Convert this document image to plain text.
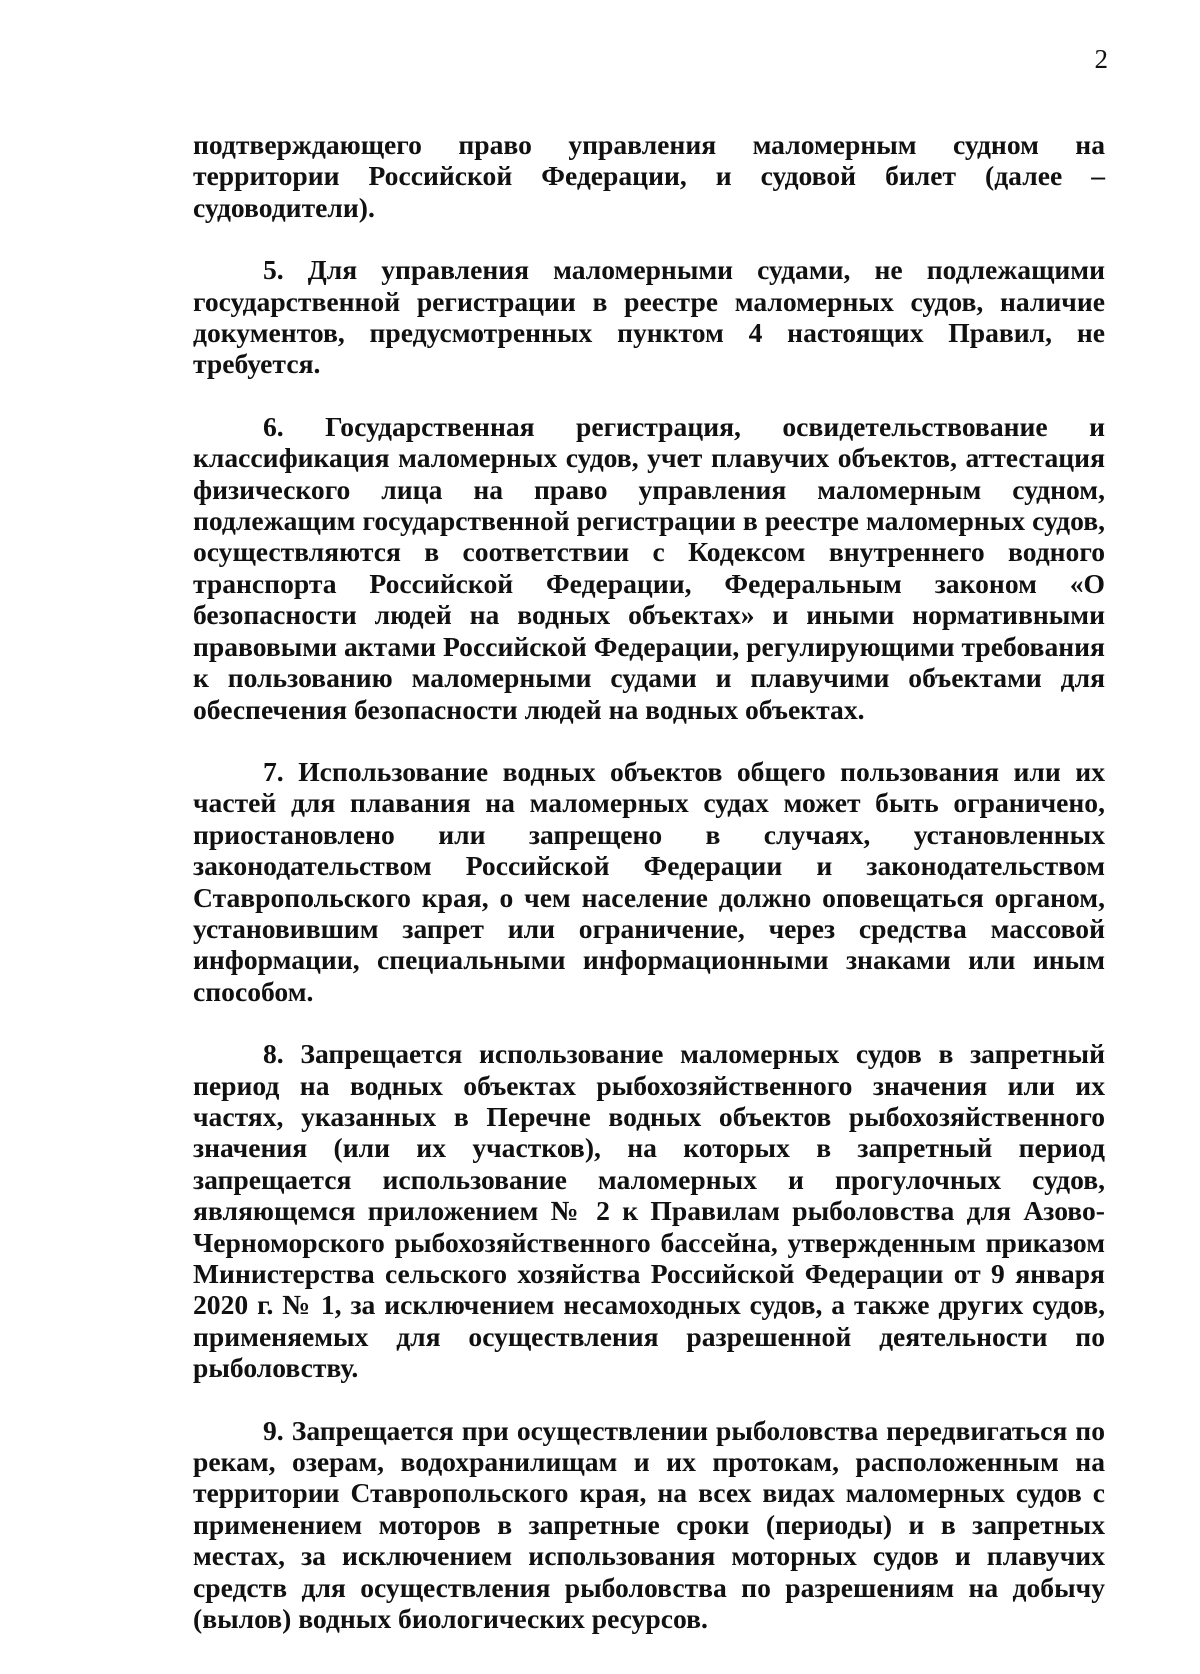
2

подтверждающего право управления маломерным судном на территории Российской Федерации, и судовой билет (далее – судоводители).

5. Для управления маломерными судами, не подлежащими государственной регистрации в реестре маломерных судов, наличие документов, предусмотренных пунктом 4 настоящих Правил, не требуется.

6. Государственная регистрация, освидетельствование и классификация маломерных судов, учет плавучих объектов, аттестация физического лица на право управления маломерным судном, подлежащим государственной регистрации в реестре маломерных судов, осуществляются в соответствии с Кодексом внутреннего водного транспорта Российской Федерации, Федеральным законом «О безопасности людей на водных объектах» и иными нормативными правовыми актами Российской Федерации, регулирующими требования к пользованию маломерными судами и плавучими объектами для обеспечения безопасности людей на водных объектах.

7. Использование водных объектов общего пользования или их частей для плавания на маломерных судах может быть ограничено, приостановлено или запрещено в случаях, установленных законодательством Российской Федерации и законодательством Ставропольского края, о чем население должно оповещаться органом, установившим запрет или ограничение, через средства массовой информации, специальными информационными знаками или иным способом.

8. Запрещается использование маломерных судов в запретный период на водных объектах рыбохозяйственного значения или их частях, указанных в Перечне водных объектов рыбохозяйственного значения (или их участков), на которых в запретный период запрещается использование маломерных и прогулочных судов, являющемся приложением № 2 к Правилам рыболовства для Азово-Черноморского рыбохозяйственного бассейна, утвержденным приказом Министерства сельского хозяйства Российской Федерации от 9 января 2020 г. № 1, за исключением несамоходных судов, а также других судов, применяемых для осуществления разрешенной деятельности по рыболовству.

9. Запрещается при осуществлении рыболовства передвигаться по рекам, озерам, водохранилищам и их протокам, расположенным на территории Ставропольского края, на всех видах маломерных судов с применением моторов в запретные сроки (периоды) и в запретных местах, за исключением использования моторных судов и плавучих средств для осуществления рыболовства по разрешениям на добычу (вылов) водных биологических ресурсов.
